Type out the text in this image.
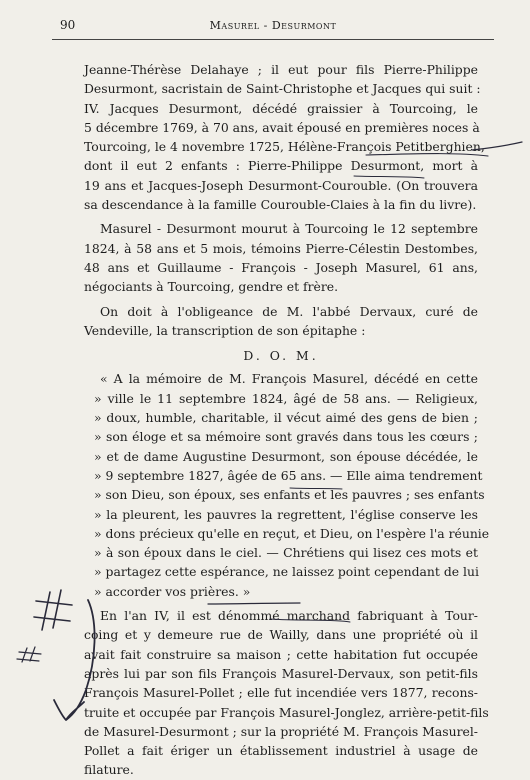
90	Masurel - Desurmont
Jeanne-Thérèse Delahaye ; il eut pour fils Pierre-Philippe
Desurmont, sacristain de Saint-Christophe et Jacques qui suit :
IV. Jacques Desurmont, décédé graissier à Tourcoing, le
5 décembre 1769, à 70 ans, avait épousé en premières noces à
Tourcoing, le 4 novembre 1725, Hélène-François Petitberghien,
dont il eut 2 enfants : Pierre-Philippe Desurmont, mort à
19 ans et Jacques-Joseph Desurmont-Courouble. (On trouvera
sa descendance à la famille Courouble-Claies à la fin du livre).
Masurel - Desurmont mourut à Tourcoing le 12 septembre
1824, à 58 ans et 5 mois, témoins Pierre-Célestin Destombes,
48 ans et Guillaume - François - Joseph Masurel, 61 ans,
négociants à Tourcoing, gendre et frère.
On doit à l'obligeance de M. l'abbé Dervaux, curé de
Vendeville, la transcription de son épitaphe :
D. O. M.
« A la mémoire de M. François Masurel, décédé en cette
» ville le 11 septembre 1824, âgé de 58 ans. — Religieux,
» doux, humble, charitable, il vécut aimé des gens de bien ;
» son éloge et sa mémoire sont gravés dans tous les cœurs ;
» et de dame Augustine Desurmont, son épouse décédée, le
» 9 septembre 1827, âgée de 65 ans. — Elle aima tendrement
» son Dieu, son époux, ses enfants et les pauvres ; ses enfants
» la pleurent, les pauvres la regrettent, l'église conserve les
» dons précieux qu'elle en reçut, et Dieu, on l'espère l'a réunie
» à son époux dans le ciel. — Chrétiens qui lisez ces mots et
» partagez cette espérance, ne laissez point cependant de lui
» accorder vos prières. »
En l'an IV, il est dénommé marchand fabriquant à Tour-
coing et y demeure rue de Wailly, dans une propriété où il
avait fait construire sa maison ; cette habitation fut occupée
après lui par son fils François Masurel-Dervaux, son petit-fils
François Masurel-Pollet ; elle fut incendiée vers 1877, recons-
truite et occupée par François Masurel-Jonglez, arrière-petit-fils
de Masurel-Desurmont ; sur la propriété M. François Masurel-
Pollet a fait ériger un établissement industriel à usage de
filature.
